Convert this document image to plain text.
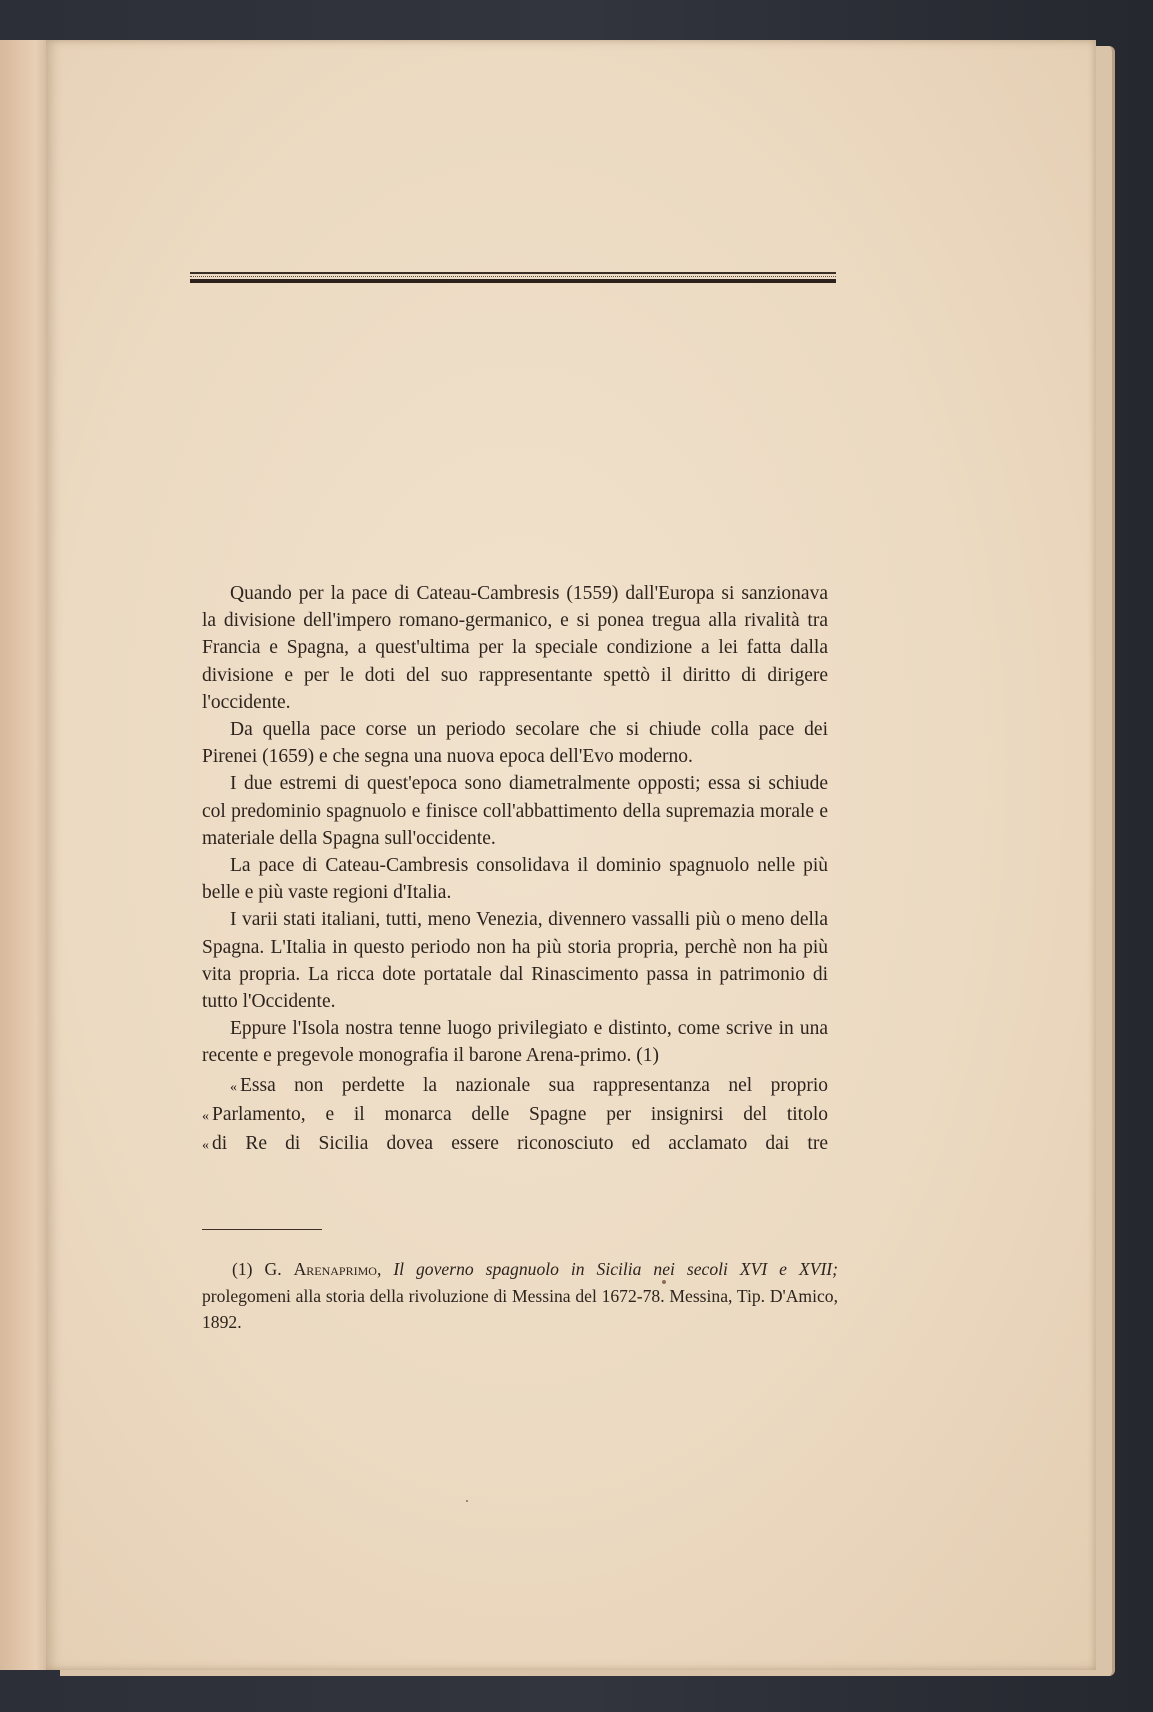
Quando per la pace di Cateau-Cambresis (1559) dall'Europa si sanzionava la divisione dell'impero romano-germanico, e si ponea tregua alla rivalità tra Francia e Spagna, a quest'ultima per la speciale condizione a lei fatta dalla divisione e per le doti del suo rappresentante spettò il diritto di dirigere l'occidente.

Da quella pace corse un periodo secolare che si chiude colla pace dei Pirenei (1659) e che segna una nuova epoca dell'Evo moderno.

I due estremi di quest'epoca sono diametralmente opposti; essa si schiude col predominio spagnuolo e finisce coll'abbattimento della supremazia morale e materiale della Spagna sull'occidente.

La pace di Cateau-Cambresis consolidava il dominio spagnuolo nelle più belle e più vaste regioni d'Italia.

I varii stati italiani, tutti, meno Venezia, divennero vassalli più o meno della Spagna. L'Italia in questo periodo non ha più storia propria, perchè non ha più vita propria. La ricca dote portatale dal Rinascimento passa in patrimonio di tutto l'Occidente.

Eppure l'Isola nostra tenne luogo privilegiato e distinto, come scrive in una recente e pregevole monografia il barone Arena-primo. (1)

« Essa non perdette la nazionale sua rappresentanza nel proprio
« Parlamento, e il monarca delle Spagne per insignirsi del titolo
« di Re di Sicilia dovea essere riconosciuto ed acclamato dai tre
(1) G. Arenaprimo, Il governo spagnuolo in Sicilia nei secoli XVI e XVII; prolegomeni alla storia della rivoluzione di Messina del 1672-78. Messina, Tip. D'Amico, 1892.
